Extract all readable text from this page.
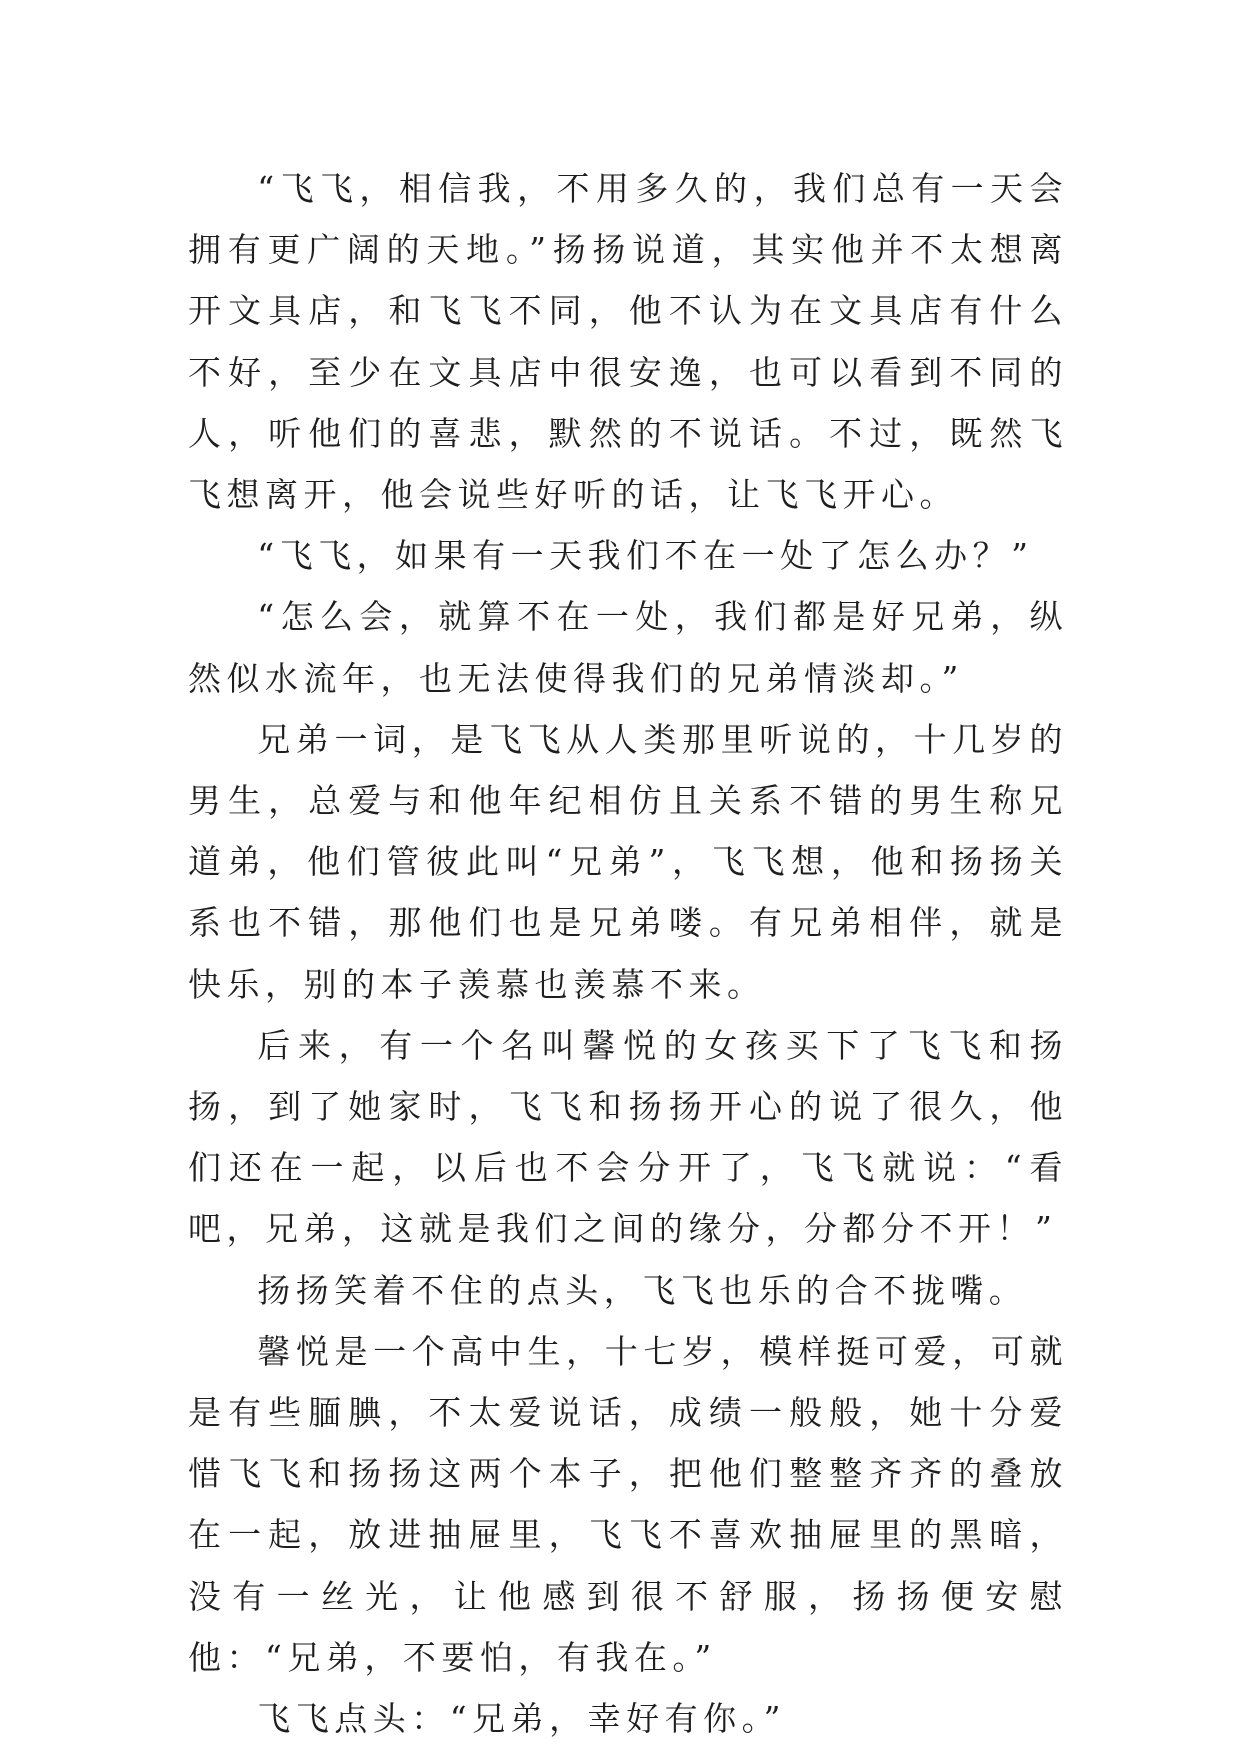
“飞飞，相信我，不用多久的，我们总有一天会拥有更广阔的天地。”扬扬说道，其实他并不太想离开文具店，和飞飞不同，他不认为在文具店有什么不好，至少在文具店中很安逸，也可以看到不同的人，听他们的喜悲，默然的不说话。不过，既然飞飞想离开，他会说些好听的话，让飞飞开心。

“飞飞，如果有一天我们不在一处了怎么办？”

“怎么会，就算不在一处，我们都是好兄弟，纵然似水流年，也无法使得我们的兄弟情淡却。”

兄弟一词，是飞飞从人类那里听说的，十几岁的男生，总爱与和他年纪相仿且关系不错的男生称兄道弟，他们管彼此叫“兄弟”，飞飞想，他和扬扬关系也不错，那他们也是兄弟喽。有兄弟相伴，就是快乐，别的本子羡慕也羡慕不来。

后来，有一个名叫馨悦的女孩买下了飞飞和扬扬，到了她家时，飞飞和扬扬开心的说了很久，他们还在一起，以后也不会分开了，飞飞就说：“看吧，兄弟，这就是我们之间的缘分，分都分不开！”

扬扬笑着不住的点头，飞飞也乐的合不拢嘴。

馨悦是一个高中生，十七岁，模样挺可爱，可就是有些腼腆，不太爱说话，成绩一般般，她十分爱惜飞飞和扬扬这两个本子，把他们整整齐齐的叠放在一起，放进抽屉里，飞飞不喜欢抽屉里的黑暗，没有一丝光，让他感到很不舒服，扬扬便安慰他：“兄弟，不要怕，有我在。”

飞飞点头：“兄弟，幸好有你。”
